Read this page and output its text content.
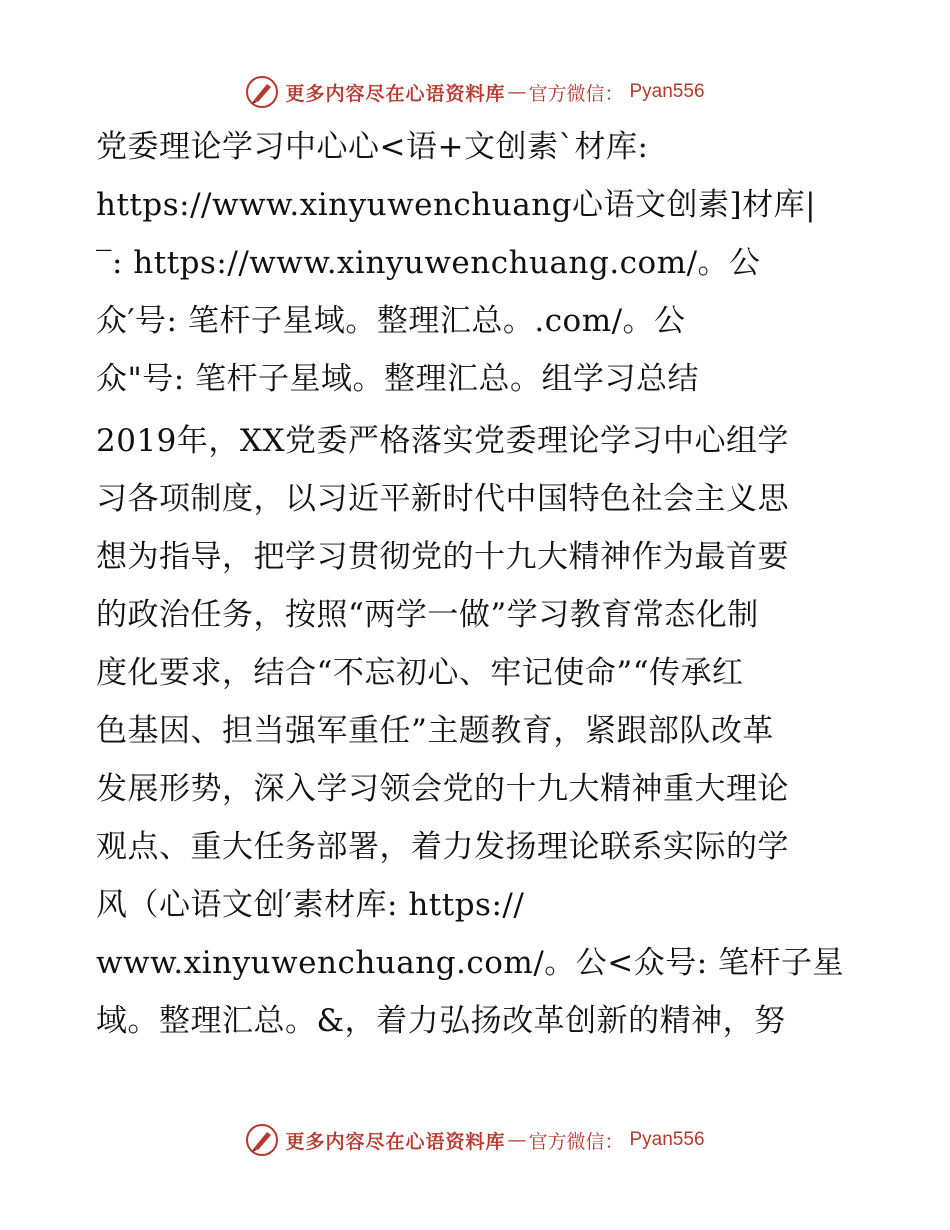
更多内容尽在心语资料库 — 官方微信： Pyan556
党委理论学习中心心<语+文创素`材库:
https://www.xinyuwenchuang心语文创素]材库|
‾: https://www.xinyuwenchuang.com/。公
众′号: 笔杆子星域。整理汇总。.com/。公
众"号: 笔杆子星域。整理汇总。组学习总结
2019年，XX党委严格落实党委理论学习中心组学
习各项制度，以习近平新时代中国特色社会主义思
想为指导，把学习贯彻党的十九大精神作为最首要
的政治任务，按照“两学一做”学习教育常态化制
度化要求，结合“不忘初心、牢记使命”“传承红
色基因、担当强军重任”主题教育，紧跟部队改革
发展形势，深入学习领会党的十九大精神重大理论
观点、重大任务部署，着力发扬理论联系实际的学
风（心语文创′素材库: https://
www.xinyuwenchuang.com/。公<众号: 笔杆子星
域。整理汇总。&，着力弘扬改革创新的精神，努
更多内容尽在心语资料库 — 官方微信： Pyan556
